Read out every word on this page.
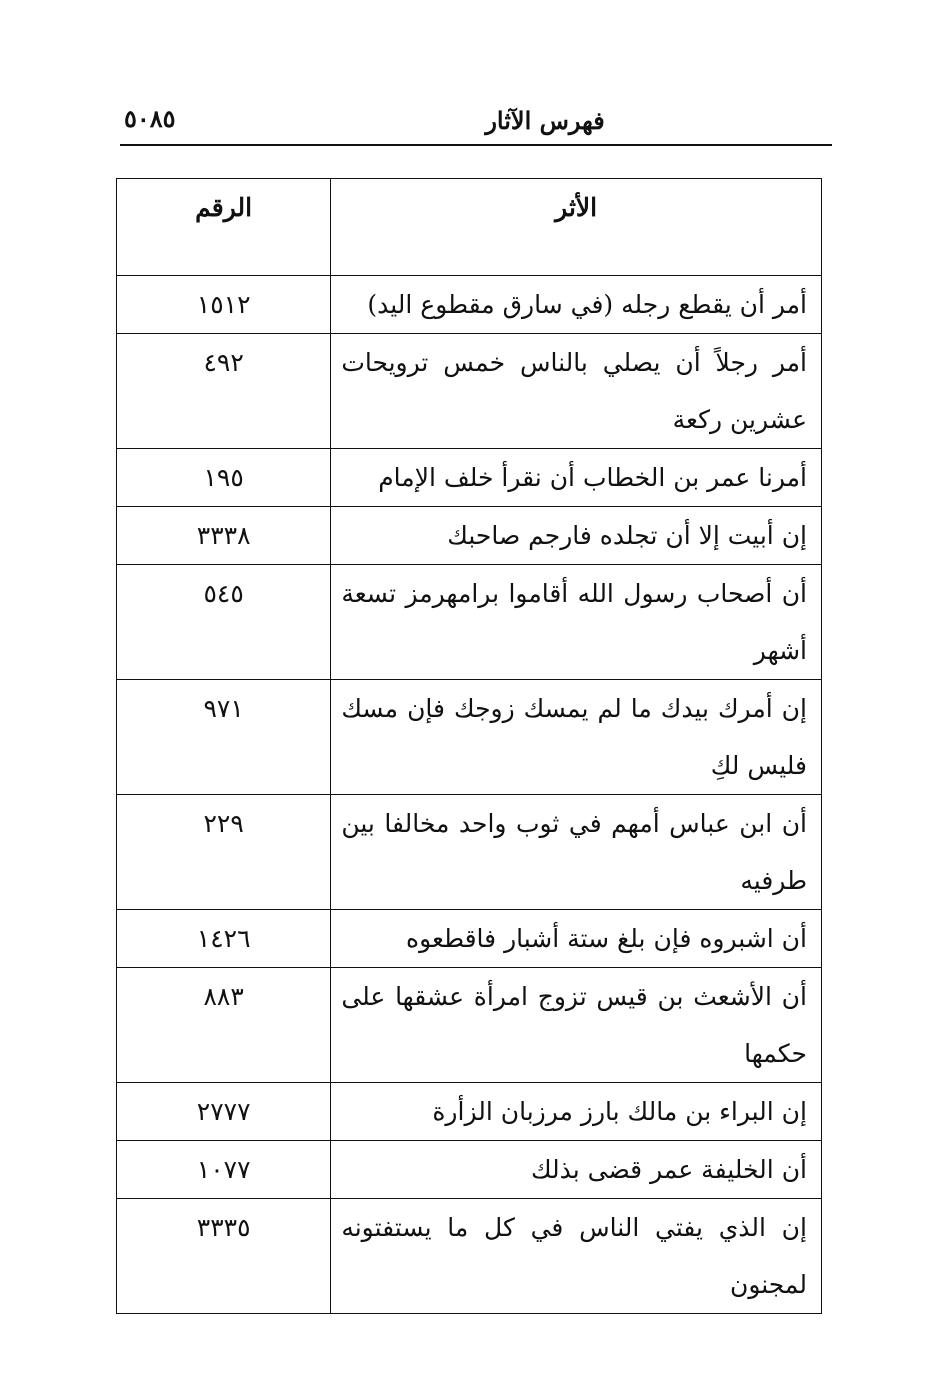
٥٠٨٥	فهرس الآثار
الأثر	الرقم
أمر أن يقطع رجله (في سارق مقطوع اليد)	١٥١٢
أمر رجلاً أن يصلي بالناس خمس ترويحات عشرين ركعة	٤٩٢
أمرنا عمر بن الخطاب أن نقرأ خلف الإمام	١٩٥
إن أبيت إلا أن تجلده فارجم صاحبك	٣٣٣٨
أن أصحاب رسول الله أقاموا برامهرمز تسعة أشهر	٥٤٥
إن أمرك بيدك ما لم يمسك زوجك فإن مسك فليس لكِ	٩٧١
أن ابن عباس أمهم في ثوب واحد مخالفا بين طرفيه	٢٢٩
أن اشبروه فإن بلغ ستة أشبار فاقطعوه	١٤٢٦
أن الأشعث بن قيس تزوج امرأة عشقها على حكمها	٨٨٣
إن البراء بن مالك بارز مرزبان الزأرة	٢٧٧٧
أن الخليفة عمر قضى بذلك	١٠٧٧
إن الذي يفتي الناس في كل ما يستفتونه لمجنون	٣٣٣٥
